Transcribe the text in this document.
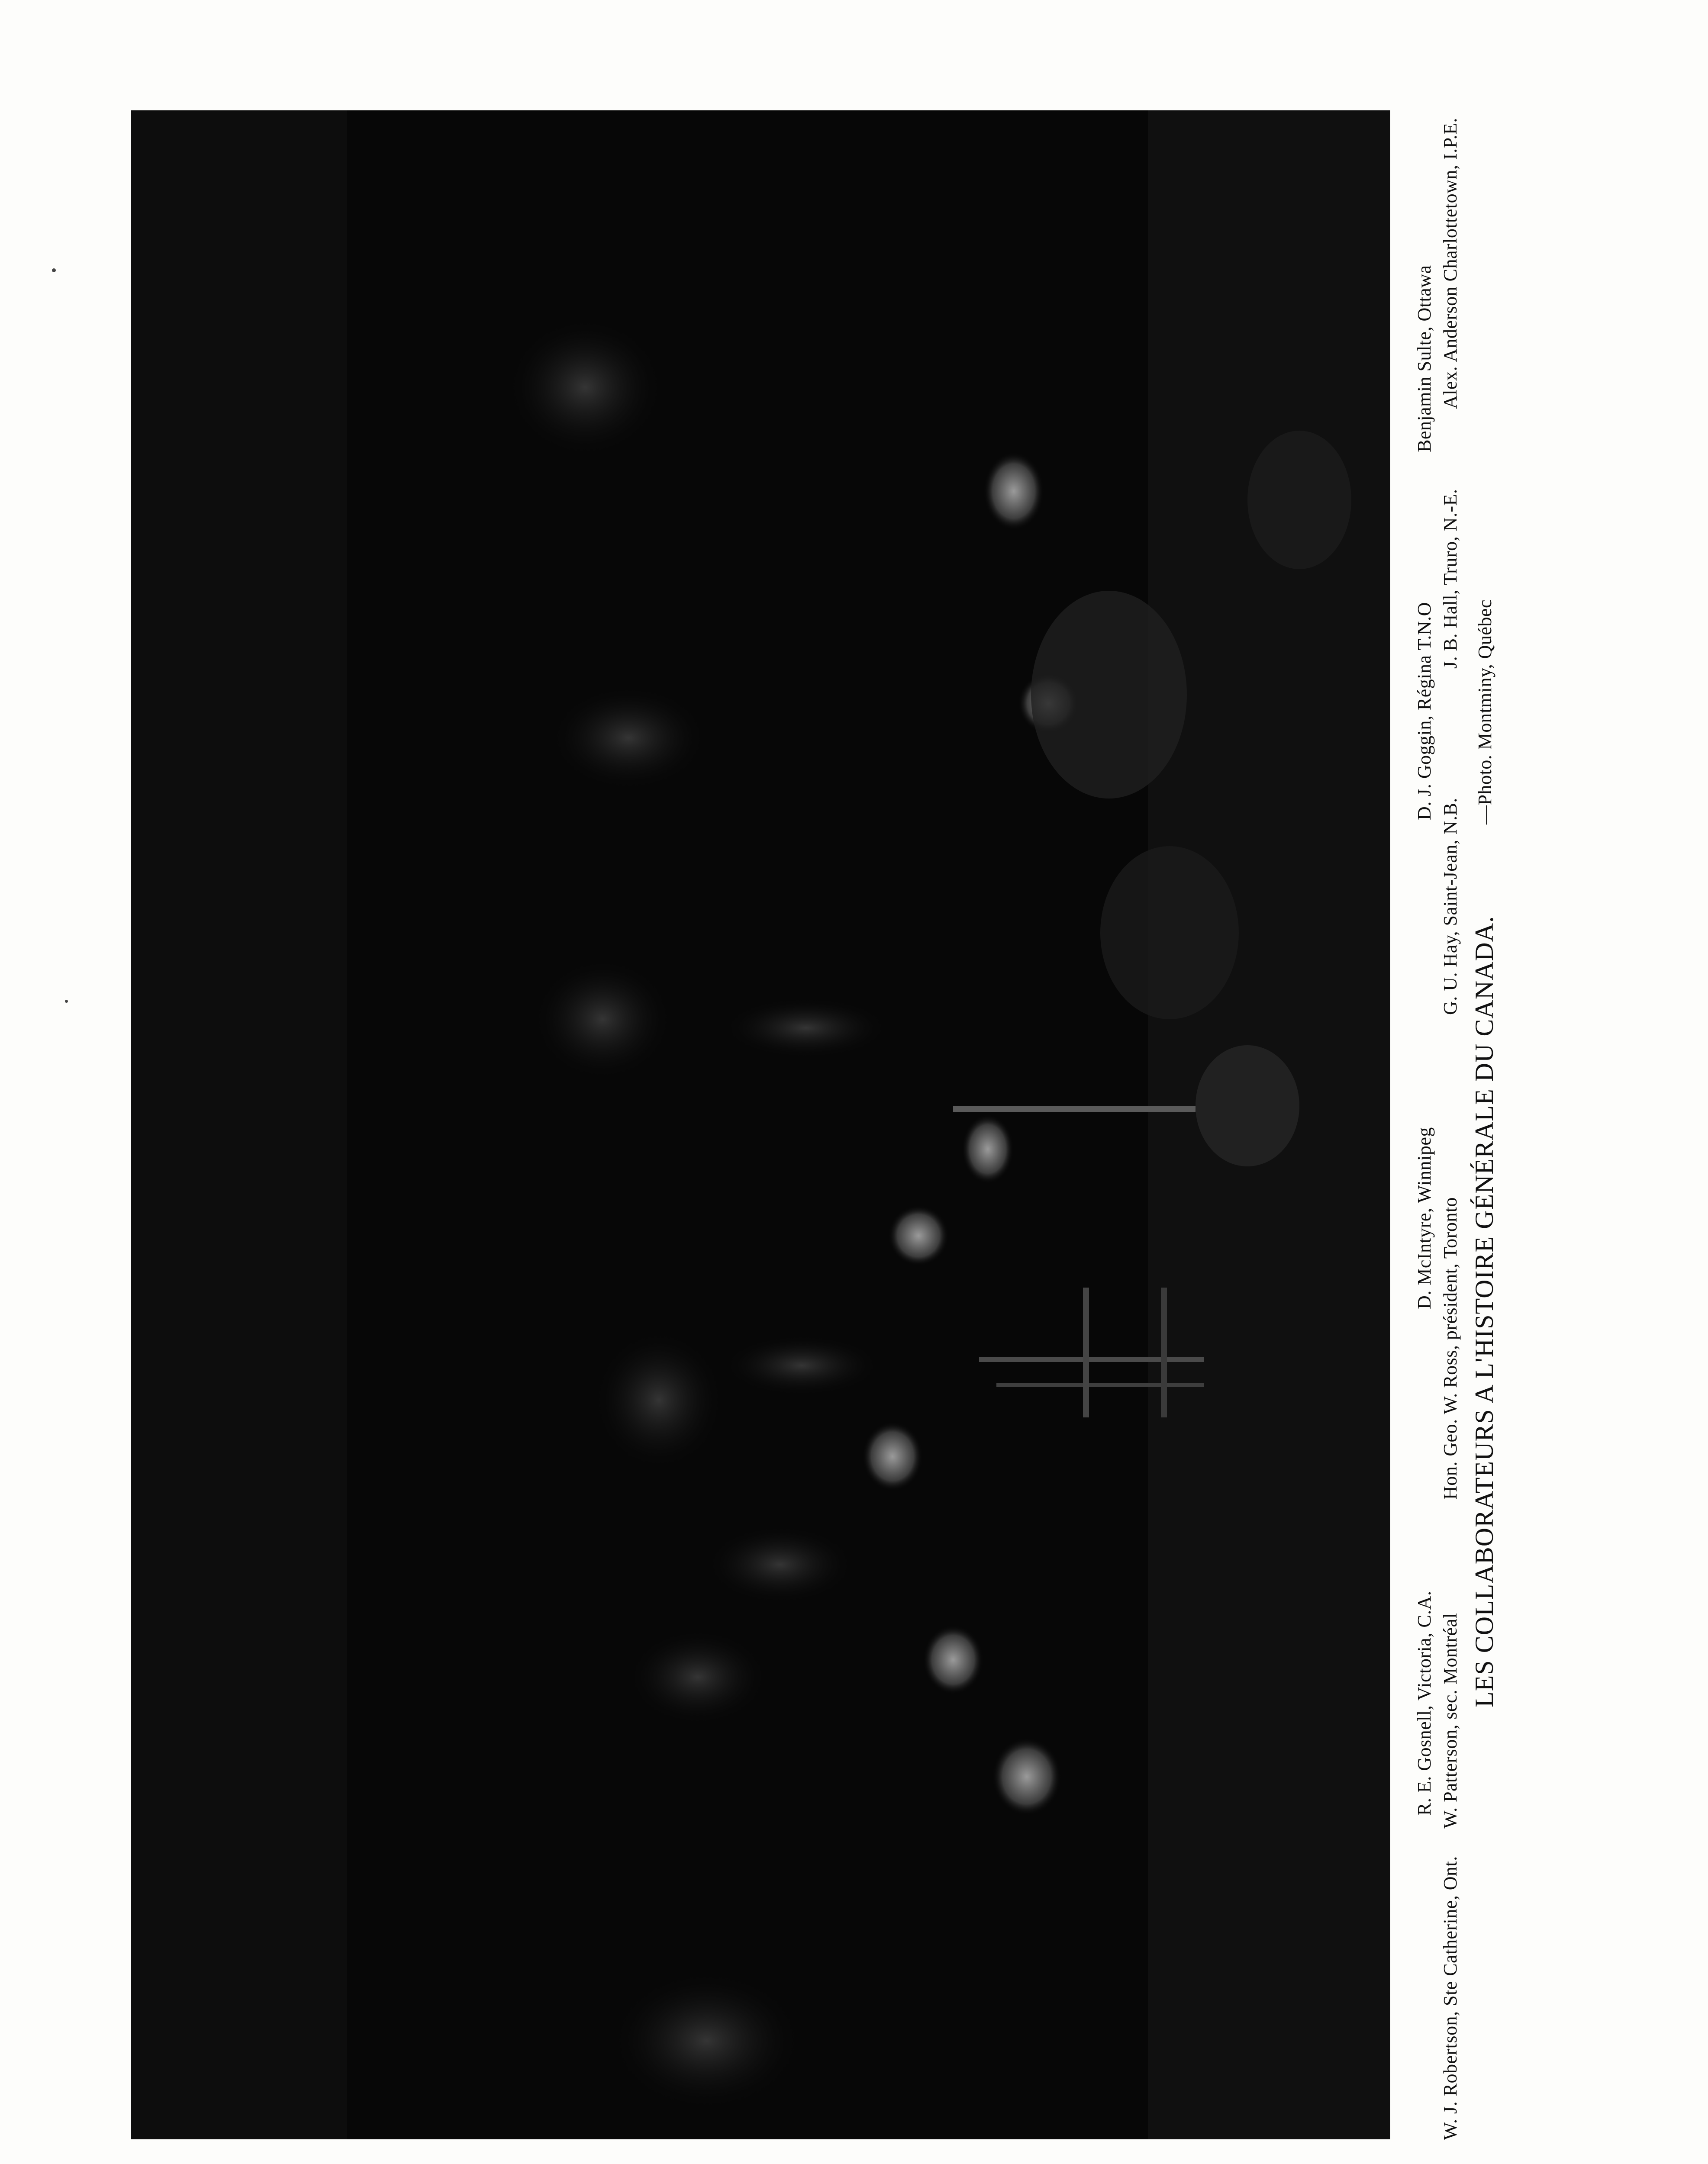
R. E. Gosnell, Victoria, C.A.
D. McIntyre, Winnipeg
D. J. Goggin, Régina T.N.O
Benjamin Sulte, Ottawa
W. J. Robertson, Ste Catherine, Ont.
W. Patterson, sec. Montréal
Hon. Geo. W. Ross, président, Toronto
G. U. Hay, Saint-Jean, N.B.
J. B. Hall, Truro, N.-E.
Alex. Anderson Charlottetown, I.P.E.
LES COLLABORATEURS A L'HISTOIRE GÉNÉRALE DU CANADA.
—Photo. Montminy, Québec
